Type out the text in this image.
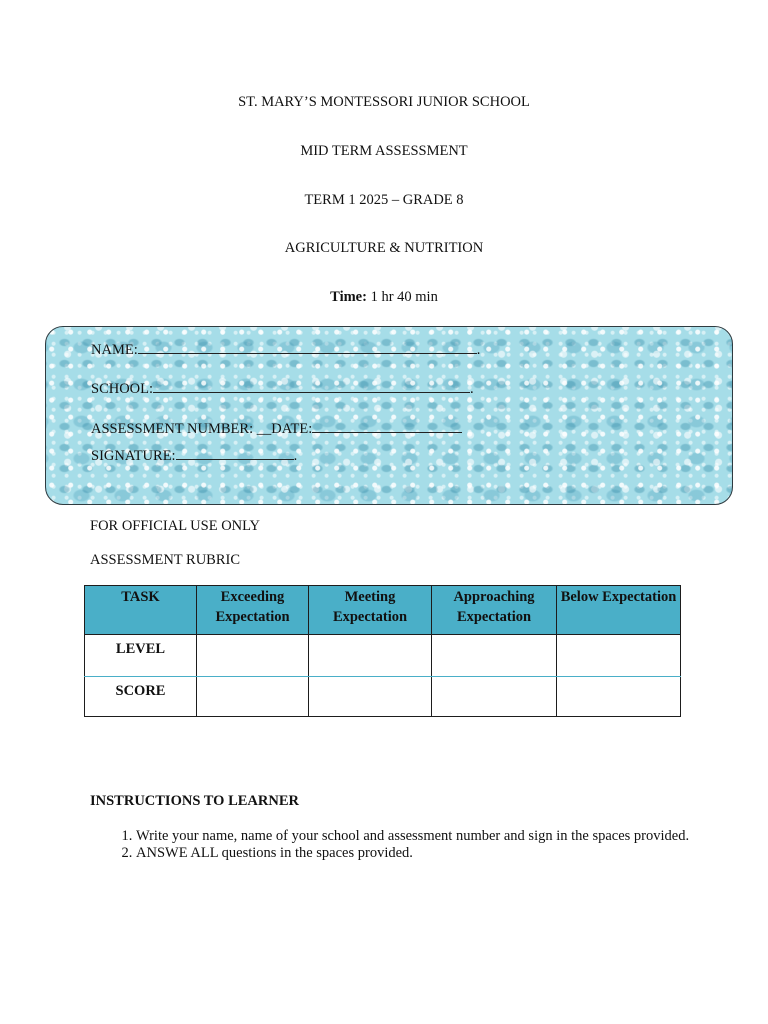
ST. MARY’S MONTESSORI JUNIOR SCHOOL
MID TERM ASSESSMENT
TERM 1 2025 – GRADE 8
AGRICULTURE & NUTRITION
Time: 1 hr 40 min
NAME:	.
SCHOOL:	.
ASSESSMENT NUMBER: __DATE:
SIGNATURE:	.
FOR OFFICIAL USE ONLY
ASSESSMENT RUBRIC
TASK	Exceeding Expectation	Meeting Expectation	Approaching Expectation	Below Expectation
LEVEL				
SCORE				
INSTRUCTIONS TO LEARNER
1. Write your name, name of your school and assessment number and sign in the spaces provided.
2. ANSWE ALL questions in the spaces provided.
